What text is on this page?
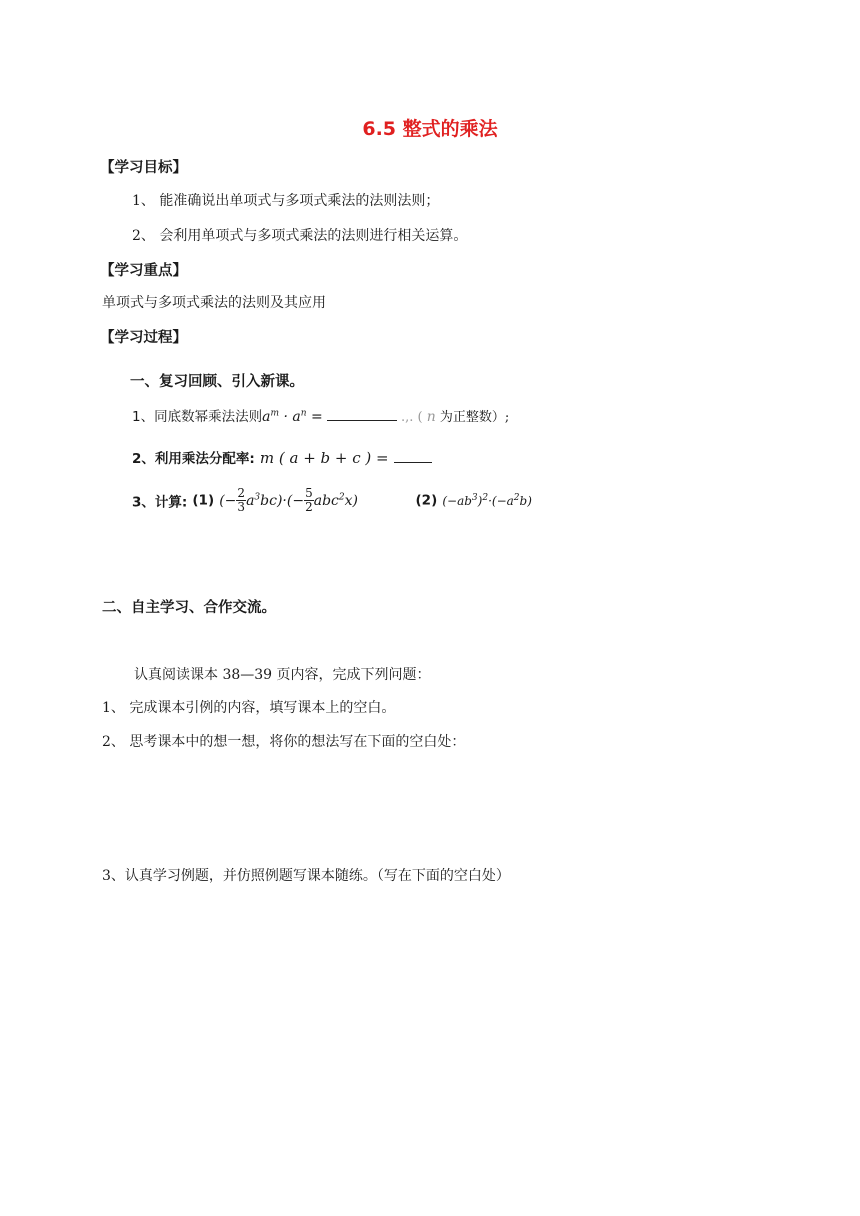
6.5 整式的乘法
【学习目标】
1、 能准确说出单项式与多项式乘法的法则法则；
2、 会利用单项式与多项式乘法的法则进行相关运算。
【学习重点】
单项式与多项式乘法的法则及其应用
【学习过程】
一、复习回顾、引入新课。
1、同底数幂乘法法则$a^m \cdot a^n$ =	.,. ( n 为正整数）;
2、利用乘法分配率: m ( a + b + c ) =
3、计算: (1) (− $\frac{2}{3} a^3bc)\cdot(- \frac{5}{2} abc^2x)$	(2) $(-ab^3)^2\cdot(-a^2b)$
二、自主学习、合作交流。
认真阅读课本 38—39 页内容，完成下列问题：
1、 完成课本引例的内容，填写课本上的空白。
2、 思考课本中的想一想，将你的想法写在下面的空白处：
3、认真学习例题，并仿照例题写课本随练。（写在下面的空白处）
